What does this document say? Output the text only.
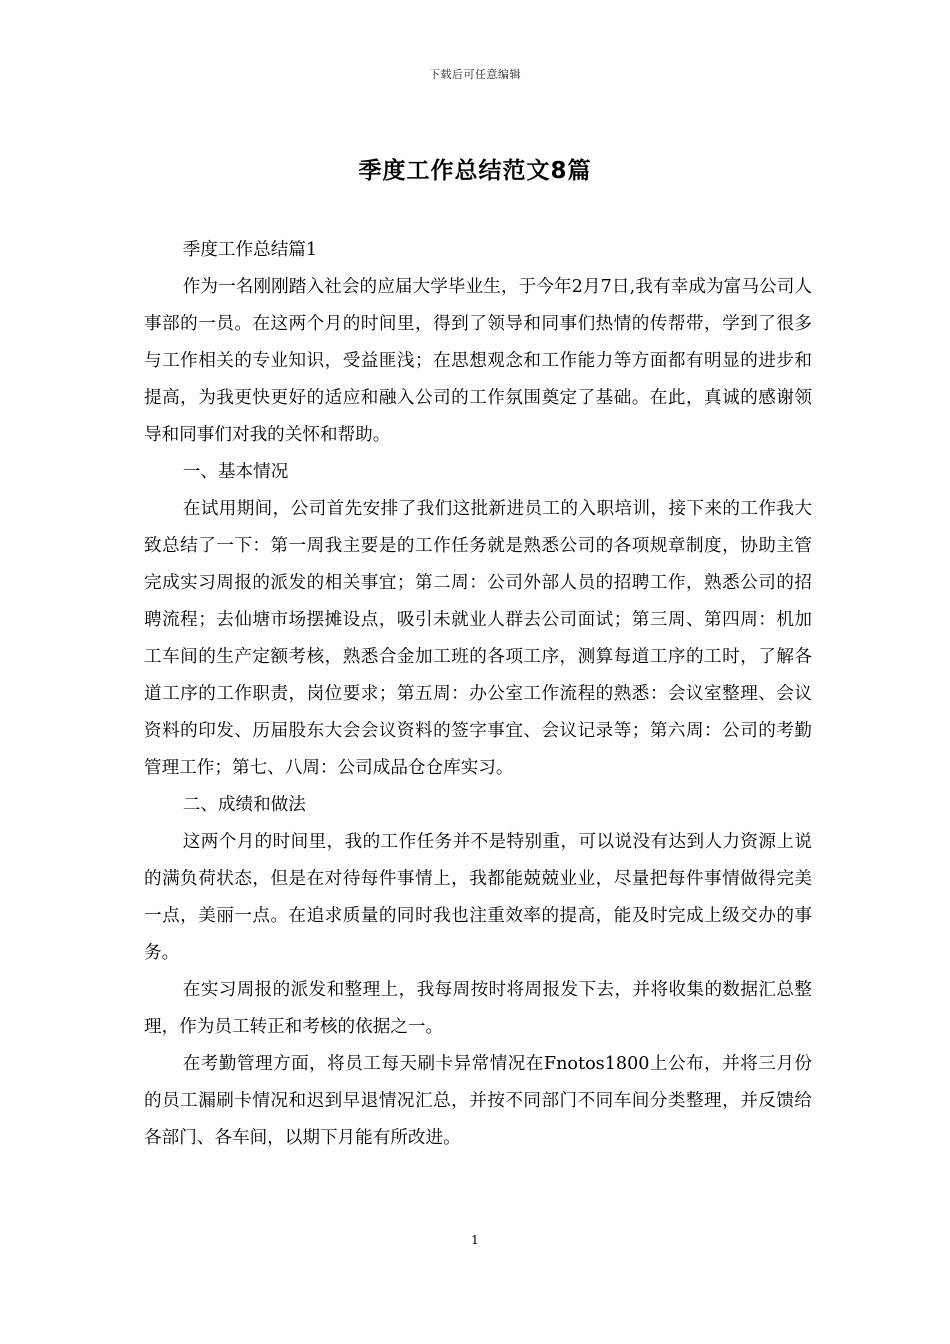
下载后可任意编辑
季度工作总结范文8篇

季度工作总结篇1

作为一名刚刚踏入社会的应届大学毕业生，于今年2月7日,我有幸成为富马公司人事部的一员。在这两个月的时间里，得到了领导和同事们热情的传帮带，学到了很多与工作相关的专业知识，受益匪浅；在思想观念和工作能力等方面都有明显的进步和提高，为我更快更好的适应和融入公司的工作氛围奠定了基础。在此，真诚的感谢领导和同事们对我的关怀和帮助。

一、基本情况

在试用期间，公司首先安排了我们这批新进员工的入职培训，接下来的工作我大致总结了一下：第一周我主要是的工作任务就是熟悉公司的各项规章制度，协助主管完成实习周报的派发的相关事宜；第二周：公司外部人员的招聘工作，熟悉公司的招聘流程；去仙塘市场摆摊设点，吸引未就业人群去公司面试；第三周、第四周：机加工车间的生产定额考核，熟悉合金加工班的各项工序，测算每道工序的工时，了解各道工序的工作职责，岗位要求；第五周：办公室工作流程的熟悉：会议室整理、会议资料的印发、历届股东大会会议资料的签字事宜、会议记录等；第六周：公司的考勤管理工作；第七、八周：公司成品仓仓库实习。

二、成绩和做法

这两个月的时间里，我的工作任务并不是特别重，可以说没有达到人力资源上说的满负荷状态，但是在对待每件事情上，我都能兢兢业业，尽量把每件事情做得完美一点，美丽一点。在追求质量的同时我也注重效率的提高，能及时完成上级交办的事务。

在实习周报的派发和整理上，我每周按时将周报发下去，并将收集的数据汇总整理，作为员工转正和考核的依据之一。

在考勤管理方面，将员工每天刷卡异常情况在Fnotos1800上公布，并将三月份的员工漏刷卡情况和迟到早退情况汇总，并按不同部门不同车间分类整理，并反馈给各部门、各车间，以期下月能有所改进。

1
